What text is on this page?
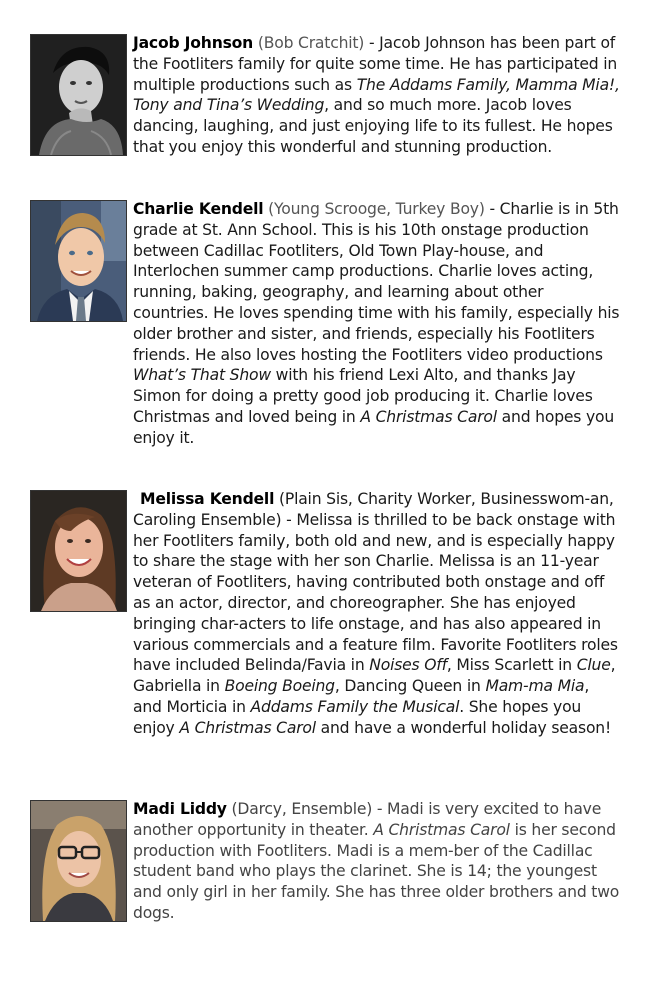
Jacob Johnson (Bob Cratchit) - Jacob Johnson has been part of the Footliters family for quite some time. He has participated in multiple productions such as The Addams Family, Mamma Mia!, Tony and Tina’s Wedding, and so much more. Jacob loves dancing, laughing, and just enjoying life to its fullest. He hopes that you enjoy this wonderful and stunning production.
Charlie Kendell (Young Scrooge, Turkey Boy) - Charlie is in 5th grade at St. Ann School. This is his 10th onstage production between Cadillac Footliters, Old Town Play-house, and Interlochen summer camp productions. Charlie loves acting, running, baking, geography, and learning about other countries. He loves spending time with his family, especially his older brother and sister, and friends, especially his Footliters friends. He also loves hosting the Footliters video productions What’s That Show with his friend Lexi Alto, and thanks Jay Simon for doing a pretty good job producing it. Charlie loves Christmas and loved being in A Christmas Carol and hopes you enjoy it.
Melissa Kendell (Plain Sis, Charity Worker, Businesswom-an, Caroling Ensemble) - Melissa is thrilled to be back onstage with her Footliters family, both old and new, and is especially happy to share the stage with her son Charlie. Melissa is an 11-year veteran of Footliters, having contributed both onstage and off as an actor, director, and choreographer. She has enjoyed bringing char-acters to life onstage, and has also appeared in various commercials and a feature film. Favorite Footliters roles have included Belinda/Favia in Noises Off, Miss Scarlett in Clue, Gabriella in Boeing Boeing, Dancing Queen in Mam-ma Mia, and Morticia in Addams Family the Musical. She hopes you enjoy A Christmas Carol and have a wonderful holiday season!
Madi Liddy (Darcy, Ensemble) - Madi is very excited to have another opportunity in theater. A Christmas Carol is her second production with Footliters. Madi is a mem-ber of the Cadillac student band who plays the clarinet. She is 14; the youngest and only girl in her family. She has three older brothers and two dogs.
